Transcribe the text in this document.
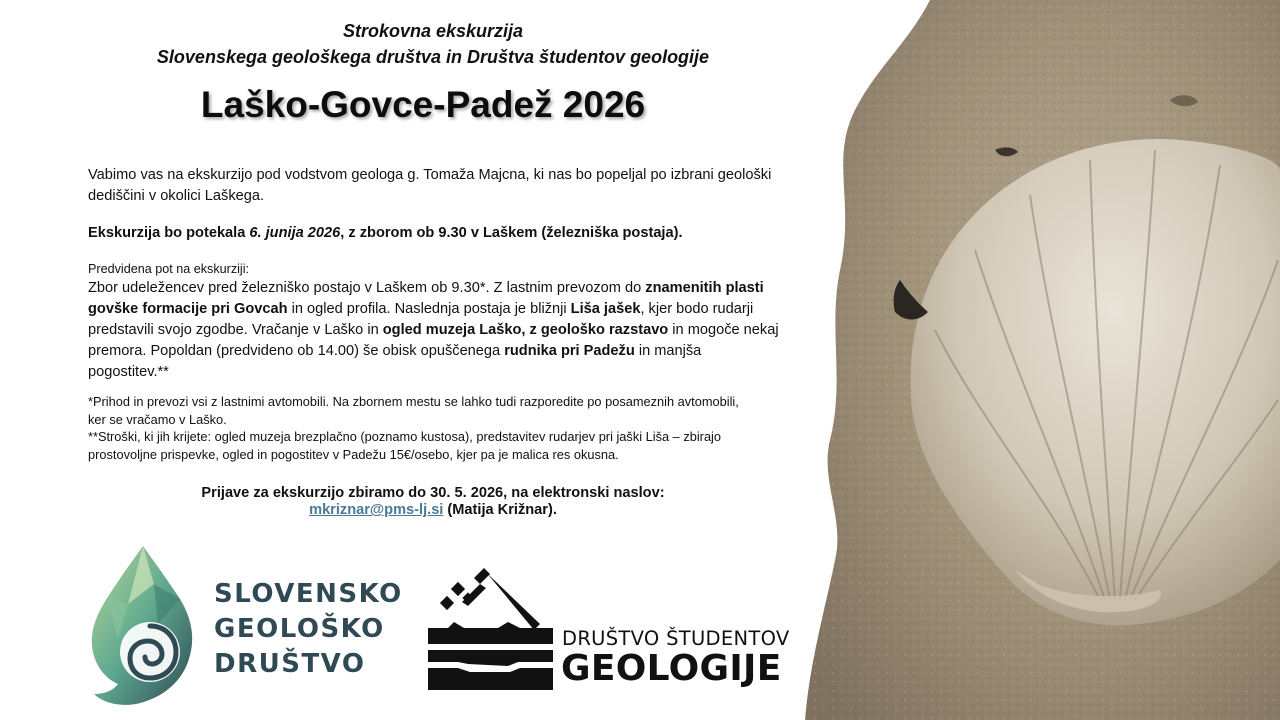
Strokovna ekskurzija
Slovenskega geološkega društva in Društva študentov geologije
Laško-Govce-Padež 2026
Vabimo vas na ekskurzijo pod vodstvom geologa g. Tomaža Majcna, ki nas bo popeljal po izbrani geološki dediščini v okolici Laškega.
Ekskurzija bo potekala 6. junija 2026, z zborom ob 9.30 v Laškem (železniška postaja).
Predvidena pot na ekskurziji:
Zbor udeležencev pred železniško postajo v Laškem ob 9.30*. Z lastnim prevozom do znamenitih plasti govške formacije pri Govcah in ogled profila. Naslednja postaja je bližnji Liša jašek, kjer bodo rudarji predstavili svojo zgodbe. Vračanje v Laško in ogled muzeja Laško, z geološko razstavo in mogoče nekaj premora. Popoldan (predvideno ob 14.00) še obisk opuščenega rudnika pri Padežu in manjša pogostitev.**
*Prihod in prevozi vsi z lastnimi avtomobili. Na zbornem mestu se lahko tudi razporedite po posameznih avtomobili, ker se vračamo v Laško.
**Stroški, ki jih krijete: ogled muzeja brezplačno (poznamo kustosa), predstavitev rudarjev pri jaški Liša – zbirajo prostovoljne prispevke, ogled in pogostitev v Padežu 15€/osebo, kjer pa je malica res okusna.
Prijave za ekskurzijo zbiramo do 30. 5. 2026, na elektronski naslov:
mkriznar@pms-lj.si (Matija Križnar).
SLOVENSKO
GEOLOŠKO
DRUŠTVO
DRUŠTVO ŠTUDENTOV
GEOLOGIJE
